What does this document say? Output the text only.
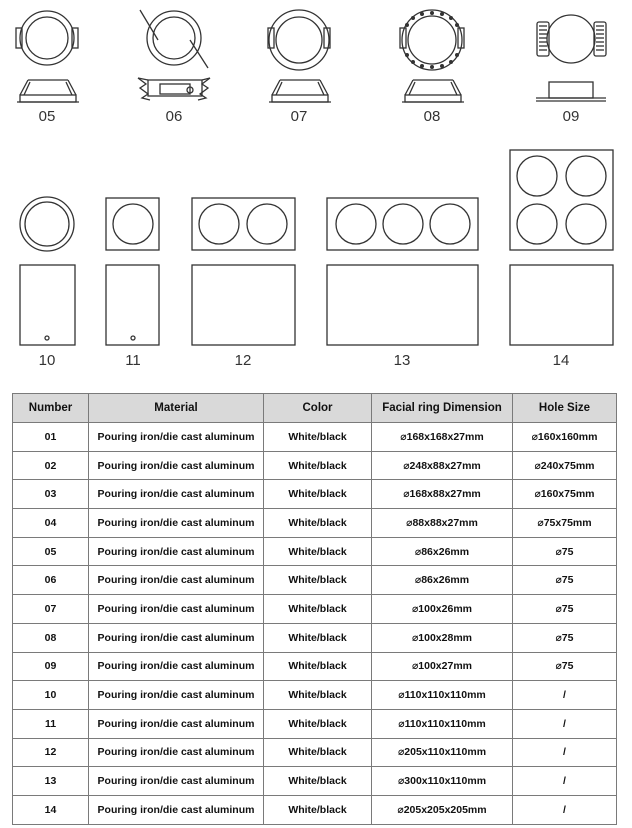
05	06	07	08	09
10	11	12	13	14
Number	Material	Color	Facial ring Dimension	Hole Size
01	Pouring iron/die cast aluminum	White/black	⌀168x168x27mm	⌀160x160mm
02	Pouring iron/die cast aluminum	White/black	⌀248x88x27mm	⌀240x75mm
03	Pouring iron/die cast aluminum	White/black	⌀168x88x27mm	⌀160x75mm
04	Pouring iron/die cast aluminum	White/black	⌀88x88x27mm	⌀75x75mm
05	Pouring iron/die cast aluminum	White/black	⌀86x26mm	⌀75
06	Pouring iron/die cast aluminum	White/black	⌀86x26mm	⌀75
07	Pouring iron/die cast aluminum	White/black	⌀100x26mm	⌀75
08	Pouring iron/die cast aluminum	White/black	⌀100x28mm	⌀75
09	Pouring iron/die cast aluminum	White/black	⌀100x27mm	⌀75
10	Pouring iron/die cast aluminum	White/black	⌀110x110x110mm	/
11	Pouring iron/die cast aluminum	White/black	⌀110x110x110mm	/
12	Pouring iron/die cast aluminum	White/black	⌀205x110x110mm	/
13	Pouring iron/die cast aluminum	White/black	⌀300x110x110mm	/
14	Pouring iron/die cast aluminum	White/black	⌀205x205x205mm	/
